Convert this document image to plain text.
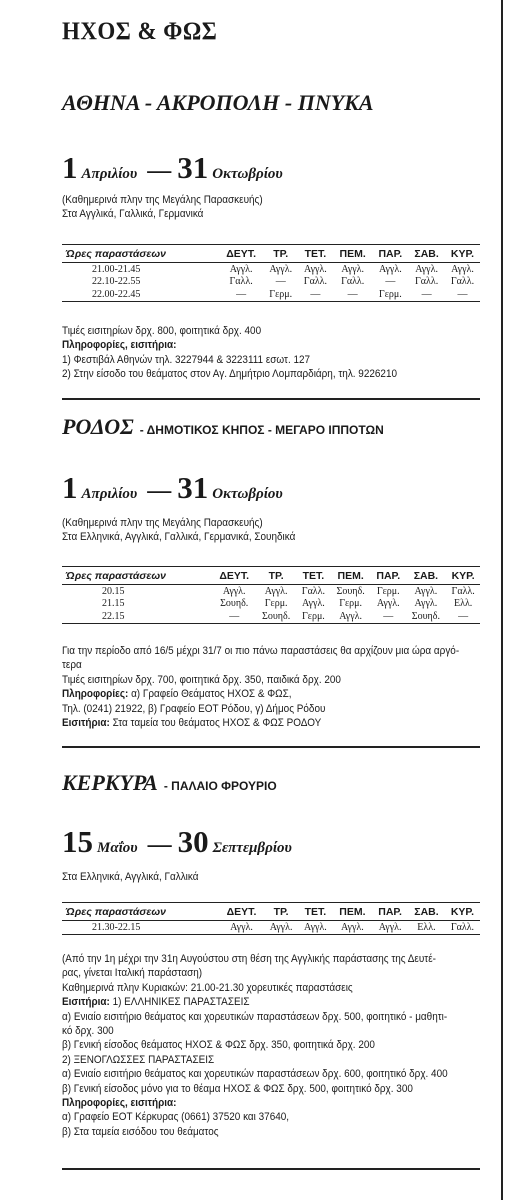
ΗΧΟΣ & ΦΩΣ
ΑΘΗΝΑ - ΑΚΡΟΠΟΛΗ - ΠΝΥΚΑ
1 Απριλίου — 31 Οκτωβρίου
(Καθημερινά πλην της Μεγάλης Παρασκευής)
Στα Αγγλικά, Γαλλικά, Γερμανικά
Ώρες παραστάσεων	ΔΕΥΤ.	ΤΡ.	ΤΕΤ.	ΠΕΜ.	ΠΑΡ.	ΣΑΒ.	ΚΥΡ.
21.00-21.45	Αγγλ.	Αγγλ.	Αγγλ.	Αγγλ.	Αγγλ.	Αγγλ.	Αγγλ.
22.10-22.55	Γαλλ.	—	Γαλλ.	Γαλλ.	—	Γαλλ.	Γαλλ.
22.00-22.45	—	Γερμ.	—	—	Γερμ.	—	—
Τιμές εισιτηρίων δρχ. 800, φοιτητικά δρχ. 400
Πληροφορίες, εισιτήρια:
1) Φεστιβάλ Αθηνών τηλ. 3227944 & 3223111 εσωτ. 127
2) Στην είσοδο του θεάματος στον Αγ. Δημήτριο Λομπαρδιάρη, τηλ. 9226210
ΡΟΔΟΣ - ΔΗΜΟΤΙΚΟΣ ΚΗΠΟΣ - ΜΕΓΑΡΟ ΙΠΠΟΤΩΝ
1 Απριλίου — 31 Οκτωβρίου
(Καθημερινά πλην της Μεγάλης Παρασκευής)
Στα Ελληνικά, Αγγλικά, Γαλλικά, Γερμανικά, Σουηδικά
Ώρες παραστάσεων	ΔΕΥΤ.	ΤΡ.	ΤΕΤ.	ΠΕΜ.	ΠΑΡ.	ΣΑΒ.	ΚΥΡ.
20.15	Αγγλ.	Αγγλ.	Γαλλ.	Σουηδ.	Γερμ.	Αγγλ.	Γαλλ.
21.15	Σουηδ.	Γερμ.	Αγγλ.	Γερμ.	Αγγλ.	Αγγλ.	Ελλ.
22.15	—	Σουηδ.	Γερμ.	Αγγλ.	—	Σουηδ.	—
Για την περίοδο από 16/5 μέχρι 31/7 οι πιο πάνω παραστάσεις θα αρχίζουν μια ώρα αργό-
τερα
Τιμές εισιτηρίων δρχ. 700, φοιτητικά δρχ. 350, παιδικά δρχ. 200
Πληροφορίες: α) Γραφείο Θεάματος ΗΧΟΣ & ΦΩΣ,
Τηλ. (0241) 21922, β) Γραφείο ΕΟΤ Ρόδου, γ) Δήμος Ρόδου
Εισιτήρια: Στα ταμεία του θεάματος ΗΧΟΣ & ΦΩΣ ΡΟΔΟΥ
ΚΕΡΚΥΡΑ - ΠΑΛΑΙΟ ΦΡΟΥΡΙΟ
15 Μαΐου — 30 Σεπτεμβρίου
Στα Ελληνικά, Αγγλικά, Γαλλικά
Ώρες παραστάσεων	ΔΕΥΤ.	ΤΡ.	ΤΕΤ.	ΠΕΜ.	ΠΑΡ.	ΣΑΒ.	ΚΥΡ.
21.30-22.15	Αγγλ.	Αγγλ.	Αγγλ.	Αγγλ.	Αγγλ.	Ελλ.	Γαλλ.
(Από την 1η μέχρι την 31η Αυγούστου στη θέση της Αγγλικής παράστασης της Δευτέ-
ρας, γίνεται Ιταλική παράσταση)
Καθημερινά πλην Κυριακών: 21.00-21.30 χορευτικές παραστάσεις
Εισιτήρια: 1) ΕΛΛΗΝΙΚΕΣ ΠΑΡΑΣΤΑΣΕΙΣ
α) Ενιαίο εισιτήριο θεάματος και χορευτικών παραστάσεων δρχ. 500, φοιτητικό - μαθητι-
κό δρχ. 300
β) Γενική είσοδος θεάματος ΗΧΟΣ & ΦΩΣ δρχ. 350, φοιτητικά δρχ. 200
2) ΞΕΝΟΓΛΩΣΣΕΣ ΠΑΡΑΣΤΑΣΕΙΣ
α) Ενιαίο εισιτήριο θεάματος και χορευτικών παραστάσεων δρχ. 600, φοιτητικό δρχ. 400
β) Γενική είσοδος μόνο για το θέαμα ΗΧΟΣ & ΦΩΣ δρχ. 500, φοιτητικό δρχ. 300
Πληροφορίες, εισιτήρια:
α) Γραφείο ΕΟΤ Κέρκυρας (0661) 37520 και 37640,
β) Στα ταμεία εισόδου του θεάματος
